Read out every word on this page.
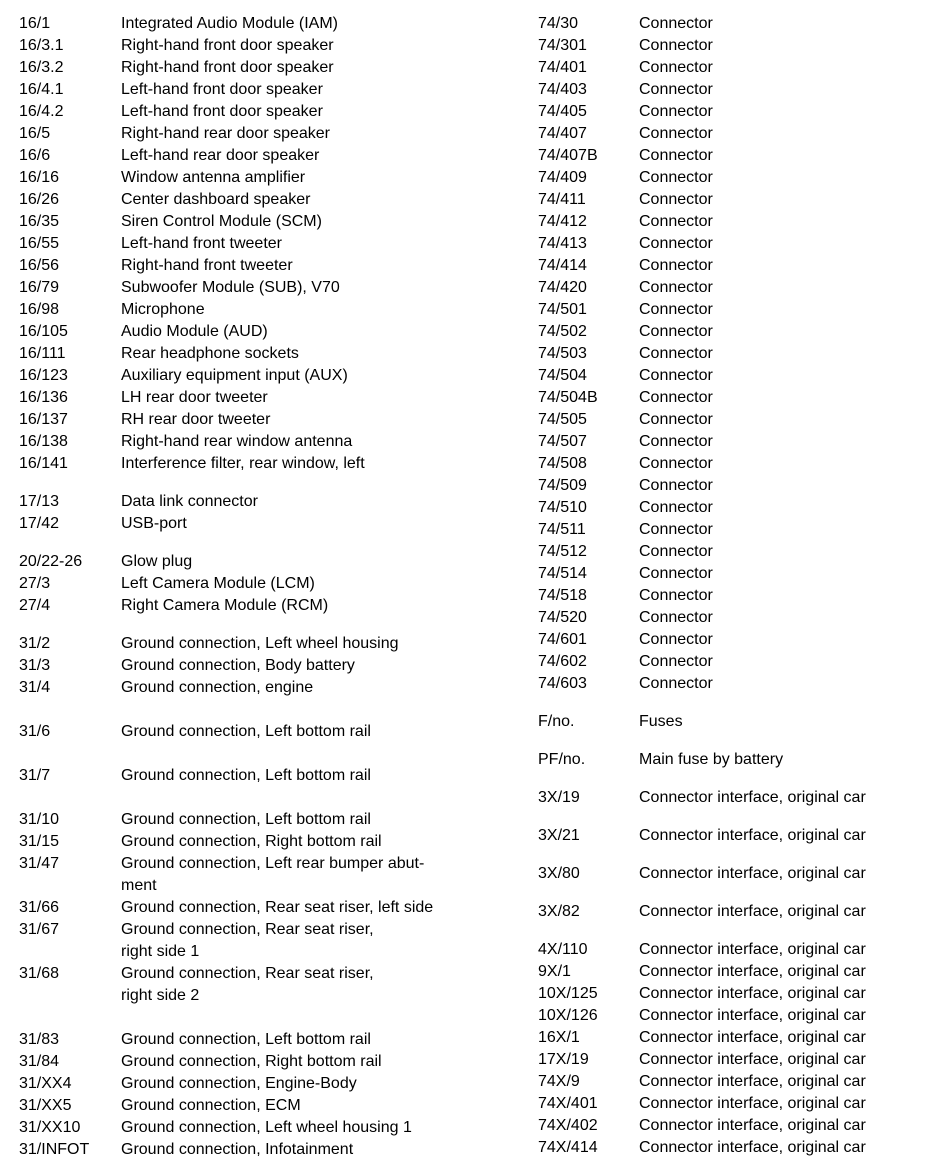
16/1	Integrated Audio Module (IAM)
16/3.1	Right-hand front door speaker
16/3.2	Right-hand front door speaker
16/4.1	Left-hand front door speaker
16/4.2	Left-hand front door speaker
16/5	Right-hand rear door speaker
16/6	Left-hand rear door speaker
16/16	Window antenna amplifier
16/26	Center dashboard speaker
16/35	Siren Control Module (SCM)
16/55	Left-hand front tweeter
16/56	Right-hand front tweeter
16/79	Subwoofer Module (SUB), V70
16/98	Microphone
16/105	Audio Module (AUD)
16/111	Rear headphone sockets
16/123	Auxiliary equipment input (AUX)
16/136	LH rear door tweeter
16/137	RH rear door tweeter
16/138	Right-hand rear window antenna
16/141	Interference filter, rear window, left
17/13	Data link connector
17/42	USB-port
20/22-26 Glow plug
27/3	Left Camera Module (LCM)
27/4	Right Camera Module (RCM)
31/2	Ground connection, Left wheel housing
31/3	Ground connection, Body battery
31/4	Ground connection, engine
31/6	Ground connection, Left bottom rail
31/7	Ground connection, Left bottom rail
31/10	Ground connection, Left bottom rail
31/15	Ground connection, Right bottom rail
31/47	Ground connection, Left rear bumper abut-
ment
31/66	Ground connection, Rear seat riser, left side
31/67	Ground connection, Rear seat riser,
right side 1
31/68	Ground connection, Rear seat riser,
right side 2
31/83	Ground connection, Left bottom rail
31/84	Ground connection, Right bottom rail
31/XX4	Ground connection, Engine-Body
31/XX5	Ground connection, ECM
31/XX10	Ground connection, Left wheel housing 1
31/INFOT Ground connection, Infotainment
74/30	Connector
74/301	Connector
74/401	Connector
74/403	Connector
74/405	Connector
74/407	Connector
74/407B	Connector
74/409	Connector
74/411	Connector
74/412	Connector
74/413	Connector
74/414	Connector
74/420	Connector
74/501	Connector
74/502	Connector
74/503	Connector
74/504	Connector
74/504B	Connector
74/505	Connector
74/507	Connector
74/508	Connector
74/509	Connector
74/510	Connector
74/511	Connector
74/512	Connector
74/514	Connector
74/518	Connector
74/520	Connector
74/601	Connector
74/602	Connector
74/603	Connector
F/no.	Fuses
PF/no.	Main fuse by battery
3X/19	Connector interface, original car
3X/21	Connector interface, original car
3X/80	Connector interface, original car
3X/82	Connector interface, original car
4X/110	Connector interface, original car
9X/1	Connector interface, original car
10X/125	Connector interface, original car
10X/126	Connector interface, original car
16X/1	Connector interface, original car
17X/19	Connector interface, original car
74X/9	Connector interface, original car
74X/401	Connector interface, original car
74X/402	Connector interface, original car
74X/414	Connector interface, original car
